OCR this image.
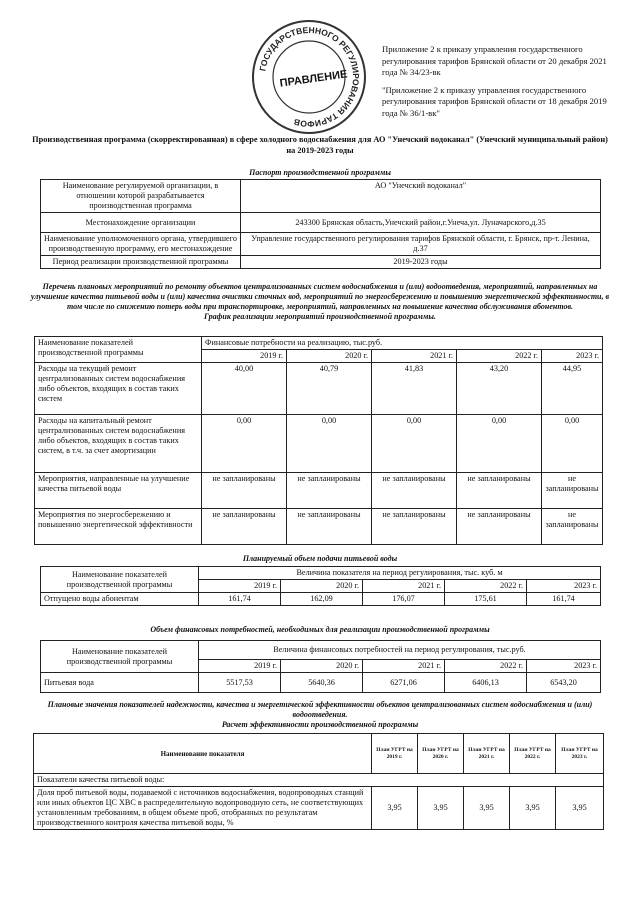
Приложение 2 к приказу управления государственного регулирования тарифов Брянской области от 20 декабря 2021 года № 34/23-вк

"Приложение 2 к приказу управления государственного регулирования тарифов Брянской области от 18 декабря 2019 года № 36/1-вк"

ГОСУДАРСТВЕННОГО РЕГУЛИРОВАНИЯ ТАРИФОВ
ПРАВЛЕНИЕ
Производственная программа (скорректированная) в сфере холодного водоснабжения для АО "Унечский водоканал" (Унечский муниципальный район) на 2019-2023 годы
Паспорт производственной программы
Наименование регулируемой организации, в отношении которой разрабатывается производственная программа	АО "Унечский водоканал"
Местонахождение организации	243300 Брянская область,Унечский район,г.Унеча,ул. Луначарского,д.35
Наименование уполномоченного органа, утвердившего производственную программу, его местонахождение	Управление государственного регулирования тарифов Брянской области, г. Брянск, пр-т. Ленина, д.37
Период реализации производственной программы	2019-2023 годы
Перечень плановых мероприятий по ремонту объектов централизованных систем водоснабжения и (или) водоотведения, мероприятий, направленных на улучшение качества питьевой воды и (или) качества очистки сточных вод, мероприятий по энергосбережению и повышению энергетической эффективности, в том числе по снижению потерь воды при транспортировке, мероприятий, направленных на повышение качества обслуживания абонентов.
График реализации мероприятий производственной программы.
Наименование показателей производственной программы	Финансовые потребности на реализацию, тыс.руб.				
	2019 г.	2020 г.	2021 г.	2022 г.	2023 г.
Расходы на текущий ремонт централизованных систем водоснабжения либо объектов, входящих в состав таких систем	40,00	40,79	41,83	43,20	44,95
Расходы на капитальный ремонт централизованных систем водоснабжения либо объектов, входящих в состав таких систем, в т.ч. за счет амортизации	0,00	0,00	0,00	0,00	0,00
Мероприятия, направленные на улучшение качества питьевой воды	не запланированы	не запланированы	не запланированы	не запланированы	не запланированы
Мероприятия по энергосбережению и повышению энергетической эффективности	не запланированы	не запланированы	не запланированы	не запланированы	не запланированы
Планируемый объем подачи питьевой воды
Наименование показателей производственной программы	Величина показателя на период регулирования, тыс. куб. м				
	2019 г.	2020 г.	2021 г.	2022 г.	2023 г.
Отпущено воды абонентам	161,74	162,09	176,07	175,61	161,74
Объем финансовых потребностей, необходимых для реализации производственной программы
Наименование показателей производственной программы	Величина финансовых потребностей на период регулирования, тыс.руб.				
	2019 г.	2020 г.	2021 г.	2022 г.	2023 г.
Питьевая вода	5517,53	5640,36	6271,06	6406,13	6543,20
Плановые значения показателей надежности, качества и энергетической эффективности объектов централизованных систем водоснабжения и (или) водоотведения.
Расчет эффективности производственной программы
Наименование показателя	План УГРТ на 2019 г.	План УГРТ на 2020 г.	План УГРТ на 2021 г.	План УГРТ на 2022 г.	План УГРТ на 2023 г.
Показатели качества питьевой воды:					
Доля проб питьевой воды, подаваемой с источников водоснабжения, водопроводных станций или иных объектов ЦС ХВС в распределительную водопроводную сеть, не соответствующих установленным требованиям, в общем объеме проб, отобранных по результатам производственного контроля качества питьевой воды, %	3,95	3,95	3,95	3,95	3,95
